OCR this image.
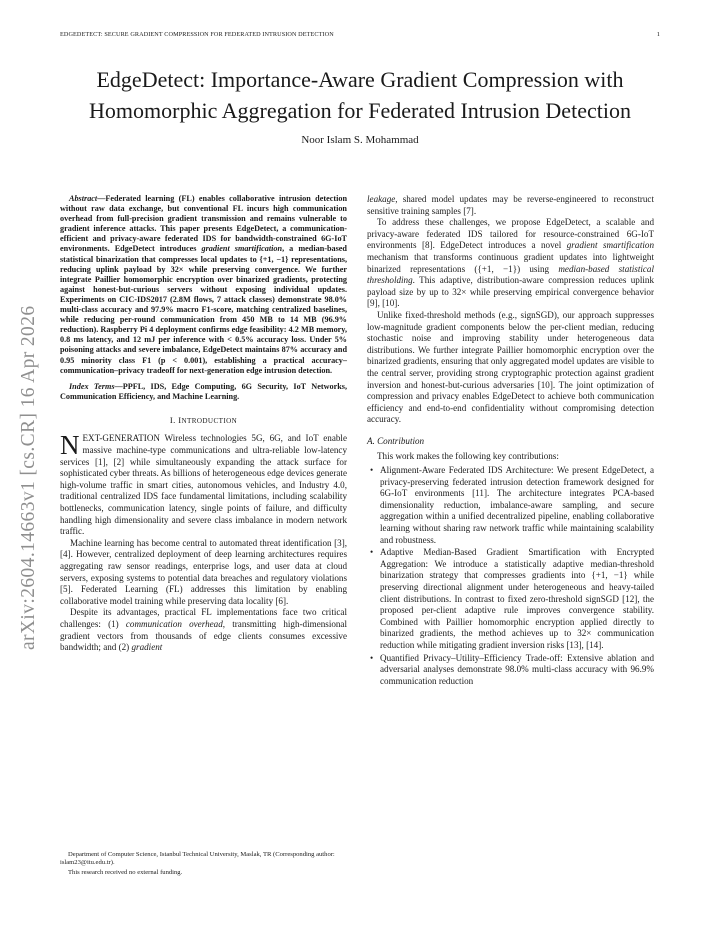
EDGEDETECT: SECURE GRADIENT COMPRESSION FOR FEDERATED INTRUSION DETECTION	1
EdgeDetect: Importance-Aware Gradient Compression with
Homomorphic Aggregation for Federated Intrusion Detection
Noor Islam S. Mohammad
arXiv:2604.14663v1 [cs.CR] 16 Apr 2026

Abstract—Federated learning (FL) enables collaborative intrusion detection without raw data exchange, but conventional FL incurs high communication overhead from full-precision gradient transmission and remains vulnerable to gradient inference attacks. This paper presents EdgeDetect, a communication-efficient and privacy-aware federated IDS for bandwidth-constrained 6G-IoT environments. EdgeDetect introduces gradient smartification, a median-based statistical binarization that compresses local updates to {+1, −1} representations, reducing uplink payload by 32× while preserving convergence. We further integrate Paillier homomorphic encryption over binarized gradients, protecting against honest-but-curious servers without exposing individual updates. Experiments on CIC-IDS2017 (2.8M flows, 7 attack classes) demonstrate 98.0% multi-class accuracy and 97.9% macro F1-score, matching centralized baselines, while reducing per-round communication from 450 MB to 14 MB (96.9% reduction). Raspberry Pi 4 deployment confirms edge feasibility: 4.2 MB memory, 0.8 ms latency, and 12 mJ per inference with < 0.5% accuracy loss. Under 5% poisoning attacks and severe imbalance, EdgeDetect maintains 87% accuracy and 0.95 minority class F1 (p < 0.001), establishing a practical accuracy–communication–privacy tradeoff for next-generation edge intrusion detection.

Index Terms—PPFL, IDS, Edge Computing, 6G Security, IoT Networks, Communication Efficiency, and Machine Learning.

I. INTRODUCTION

NEXT-GENERATION Wireless technologies 5G, 6G, and IoT enable massive machine-type communications and ultra-reliable low-latency services [1], [2] while simultaneously expanding the attack surface for sophisticated cyber threats. As billions of heterogeneous edge devices generate high-volume traffic in smart cities, autonomous vehicles, and Industry 4.0, traditional centralized IDS face fundamental limitations, including scalability bottlenecks, communication latency, single points of failure, and difficulty handling high dimensionality and severe class imbalance in modern network traffic.

Machine learning has become central to automated threat identification [3], [4]. However, centralized deployment of deep learning architectures requires aggregating raw sensor readings, enterprise logs, and user data at cloud servers, exposing systems to potential data breaches and regulatory violations [5]. Federated Learning (FL) addresses this limitation by enabling collaborative model training while preserving data locality [6].

Despite its advantages, practical FL implementations face two critical challenges: (1) communication overhead, transmitting high-dimensional gradient vectors from thousands of edge clients consumes excessive bandwidth; and (2) gradient

leakage, shared model updates may be reverse-engineered to reconstruct sensitive training samples [7].

To address these challenges, we propose EdgeDetect, a scalable and privacy-aware federated IDS tailored for resource-constrained 6G-IoT environments [8]. EdgeDetect introduces a novel gradient smartification mechanism that transforms continuous gradient updates into lightweight binarized representations ({+1, −1}) using median-based statistical thresholding. This adaptive, distribution-aware compression reduces uplink payload size by up to 32× while preserving empirical convergence behavior [9], [10].

Unlike fixed-threshold methods (e.g., signSGD), our approach suppresses low-magnitude gradient components below the per-client median, reducing stochastic noise and improving stability under heterogeneous data distributions. We further integrate Paillier homomorphic encryption over the binarized gradients, ensuring that only aggregated model updates are visible to the central server, providing strong cryptographic protection against gradient inversion and honest-but-curious adversaries [10]. The joint optimization of compression and privacy enables EdgeDetect to achieve both communication efficiency and end-to-end confidentiality without compromising detection accuracy.

A. Contribution

This work makes the following key contributions:

• Alignment-Aware Federated IDS Architecture: We present EdgeDetect, a privacy-preserving federated intrusion detection framework designed for 6G-IoT environments [11]. The architecture integrates PCA-based dimensionality reduction, imbalance-aware sampling, and secure aggregation within a unified decentralized pipeline, enabling collaborative learning without sharing raw network traffic while maintaining scalability and robustness.
• Adaptive Median-Based Gradient Smartification with Encrypted Aggregation: We introduce a statistically adaptive median-threshold binarization strategy that compresses gradients into {+1, −1} while preserving directional alignment under heterogeneous and heavy-tailed client distributions. In contrast to fixed zero-threshold signSGD [12], the proposed per-client adaptive rule improves convergence stability. Combined with Paillier homomorphic encryption applied directly to binarized gradients, the method achieves up to 32× communication reduction while mitigating gradient inversion risks [13], [14].
• Quantified Privacy–Utility–Efficiency Trade-off: Extensive ablation and adversarial analyses demonstrate 98.0% multi-class accuracy with 96.9% communication reduction
Department of Computer Science, Istanbul Technical University, Maslak, TR (Corresponding author: islam23@itu.edu.tr).
This research received no external funding.
